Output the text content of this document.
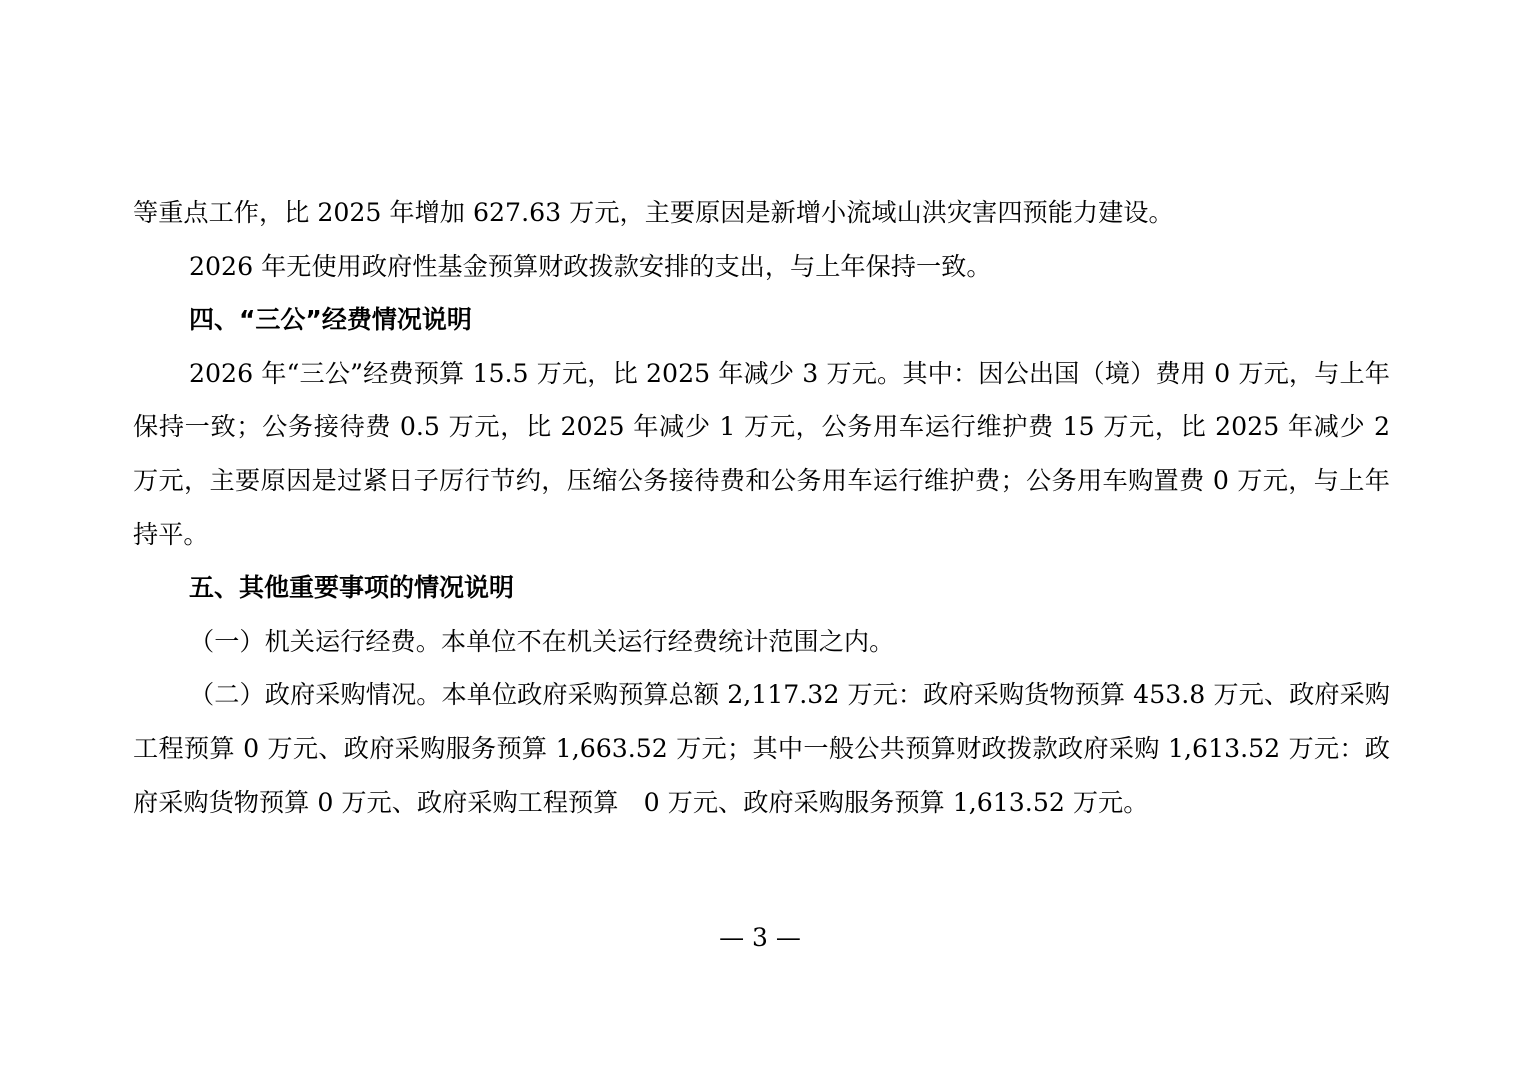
等重点工作，比 2025 年增加 627.63 万元，主要原因是新增小流域山洪灾害四预能力建设。

2026 年无使用政府性基金预算财政拨款安排的支出，与上年保持一致。

四、“三公”经费情况说明

2026 年“三公”经费预算 15.5 万元，比 2025 年减少 3 万元。其中：因公出国（境）费用 0 万元，与上年保持一致；公务接待费 0.5 万元，比 2025 年减少 1 万元，公务用车运行维护费 15 万元，比 2025 年减少 2 万元，主要原因是过紧日子厉行节约，压缩公务接待费和公务用车运行维护费；公务用车购置费 0 万元，与上年持平。

五、其他重要事项的情况说明

（一）机关运行经费。本单位不在机关运行经费统计范围之内。

（二）政府采购情况。本单位政府采购预算总额 2,117.32 万元：政府采购货物预算 453.8 万元、政府采购工程预算 0 万元、政府采购服务预算 1,663.52 万元；其中一般公共预算财政拨款政府采购 1,613.52 万元：政府采购货物预算 0 万元、政府采购工程预算　0 万元、政府采购服务预算 1,613.52 万元。

— 3 —
